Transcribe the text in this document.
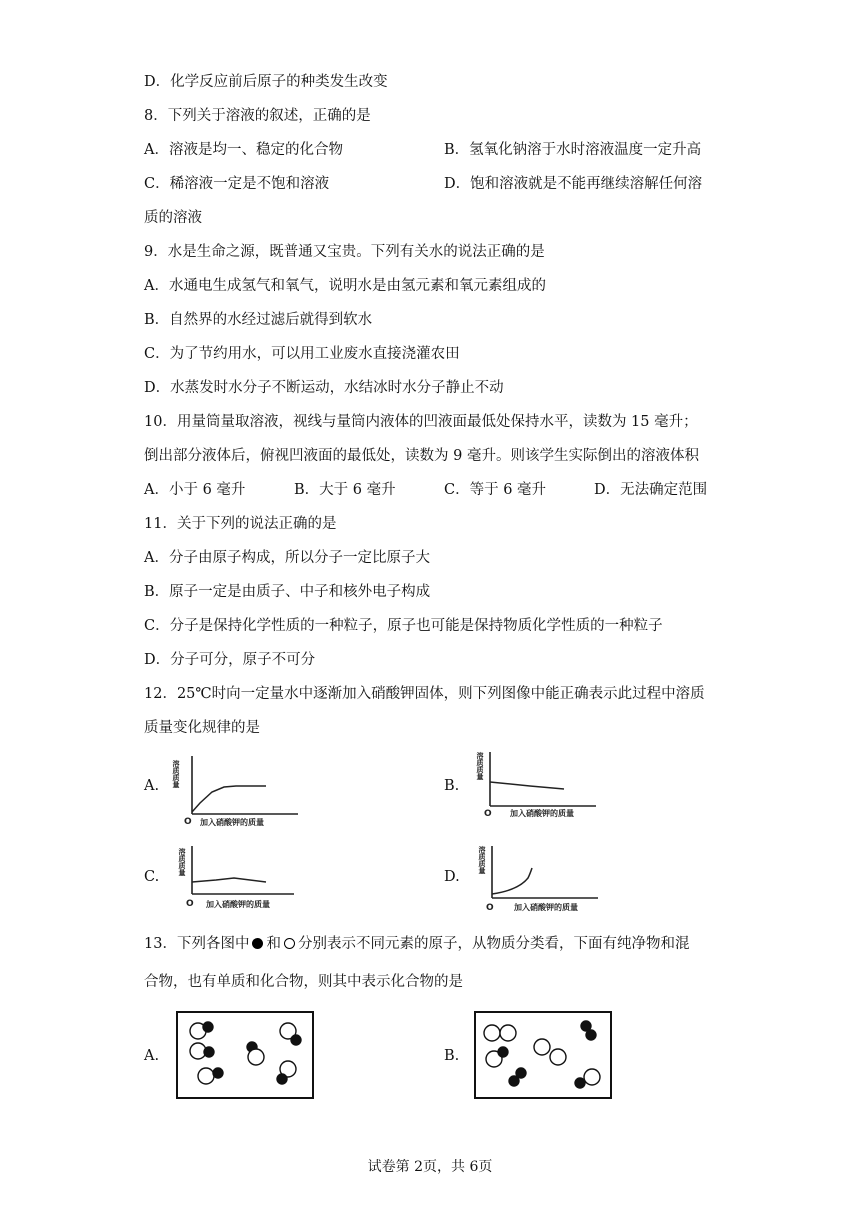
D．化学反应前后原子的种类发生改变
8．下列关于溶液的叙述，正确的是
A．溶液是均一、稳定的化合物	B．氢氧化钠溶于水时溶液温度一定升高
C．稀溶液一定是不饱和溶液	D．饱和溶液就是不能再继续溶解任何溶
质的溶液
9．水是生命之源，既普通又宝贵。下列有关水的说法正确的是
A．水通电生成氢气和氧气，说明水是由氢元素和氧元素组成的
B．自然界的水经过滤后就得到软水
C．为了节约用水，可以用工业废水直接浇灌农田
D．水蒸发时水分子不断运动，水结冰时水分子静止不动
10．用量筒量取溶液，视线与量筒内液体的凹液面最低处保持水平，读数为 15 毫升；
倒出部分液体后，俯视凹液面的最低处，读数为 9 毫升。则该学生实际倒出的溶液体积
A．小于 6 毫升	B．大于 6 毫升	C．等于 6 毫升	D．无法确定范围
11．关于下列的说法正确的是
A．分子由原子构成，所以分子一定比原子大
B．原子一定是由质子、中子和核外电子构成
C．分子是保持化学性质的一种粒子，原子也可能是保持物质化学性质的一种粒子
D．分子可分，原子不可分
12．25℃时向一定量水中逐渐加入硝酸钾固体，则下列图像中能正确表示此过程中溶质
质量变化规律的是
A.	B.
C.	D.
溶质质量
O 加入硝酸钾的质量
溶质质量
O 加入硝酸钾的质量
溶质质量
O 加入硝酸钾的质量
溶质质量
O	加入硝酸钾的质量
13．下列各图中 和 分别表示不同元素的原子，从物质分类看，下面有纯净物和混
合物，也有单质和化合物，则其中表示化合物的是
A.	B.
试卷第 2页，共 6页
